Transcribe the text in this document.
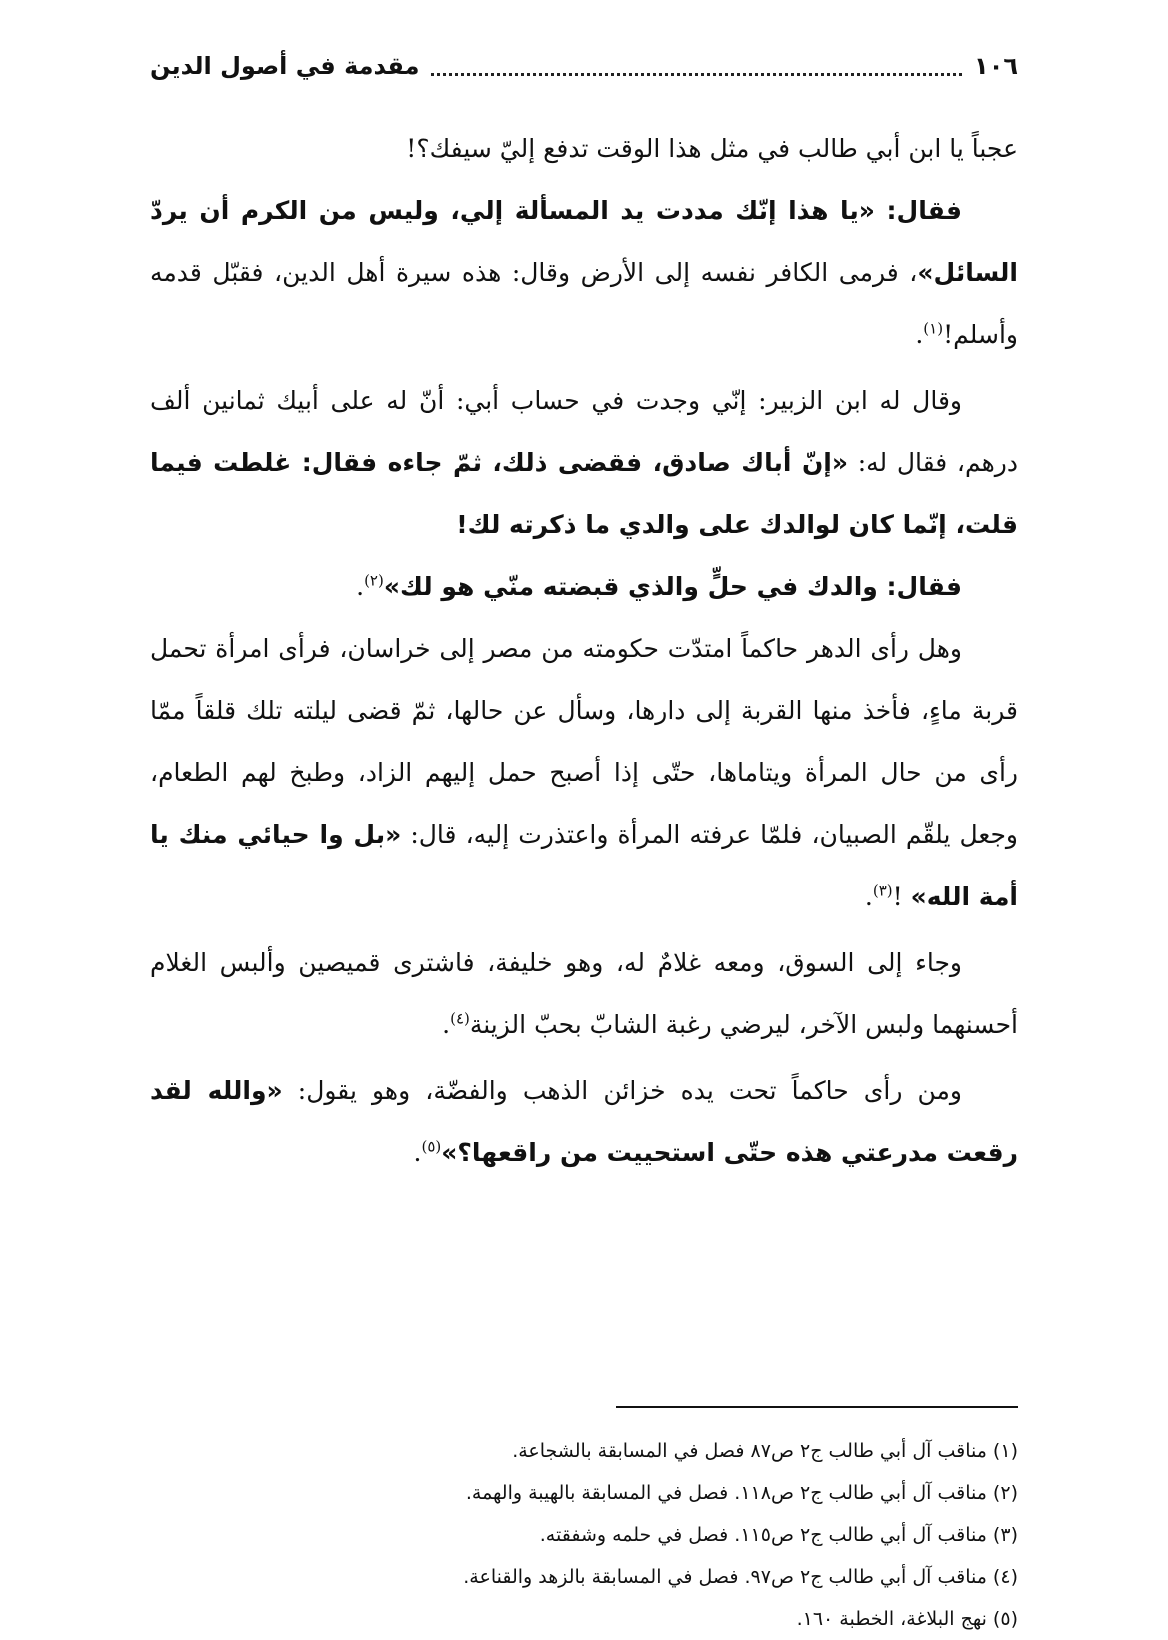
١٠٦
مقدمة في أصول الدين

عجباً يا ابن أبي طالب في مثل هذا الوقت تدفع إليّ سيفك؟!

فقال: «يا هذا إنّك مددت يد المسألة إلي، وليس من الكرم أن يردّ السائل»، فرمى الكافر نفسه إلى الأرض وقال: هذه سيرة أهل الدين، فقبّل قدمه وأسلم!$^{(١)}$.

وقال له ابن الزبير: إنّي وجدت في حساب أبي: أنّ له على أبيك ثمانين ألف درهم، فقال له: «إنّ أباك صادق، فقضى ذلك، ثمّ جاءه فقال: غلطت فيما قلت، إنّما كان لوالدك على والدي ما ذكرته لك!

فقال: والدك في حلٍّ والذي قبضته منّي هو لك»$^{(٢)}$.

وهل رأى الدهر حاكماً امتدّت حكومته من مصر إلى خراسان، فرأى امرأة تحمل قربة ماءٍ، فأخذ منها القربة إلى دارها، وسأل عن حالها، ثمّ قضى ليلته تلك قلقاً ممّا رأى من حال المرأة ويتاماها، حتّى إذا أصبح حمل إليهم الزاد، وطبخ لهم الطعام، وجعل يلقّم الصبيان، فلمّا عرفته المرأة واعتذرت إليه، قال: «بل وا حيائي منك يا أمة الله» !$^{(٣)}$.

وجاء إلى السوق، ومعه غلامٌ له، وهو خليفة، فاشترى قميصين وألبس الغلام أحسنهما ولبس الآخر، ليرضي رغبة الشابّ بحبّ الزينة$^{(٤)}$.

ومن رأى حاكماً تحت يده خزائن الذهب والفضّة، وهو يقول: «والله لقد رقعت مدرعتي هذه حتّى استحييت من راقعها؟»$^{(٥)}$.

(١) مناقب آل أبي طالب ج٢ ص٨٧ فصل في المسابقة بالشجاعة.
(٢) مناقب آل أبي طالب ج٢ ص١١٨. فصل في المسابقة بالهيبة والهمة.
(٣) مناقب آل أبي طالب ج٢ ص١١٥. فصل في حلمه وشفقته.
(٤) مناقب آل أبي طالب ج٢ ص٩٧. فصل في المسابقة بالزهد والقناعة.
(٥) نهج البلاغة، الخطبة ١٦٠.
